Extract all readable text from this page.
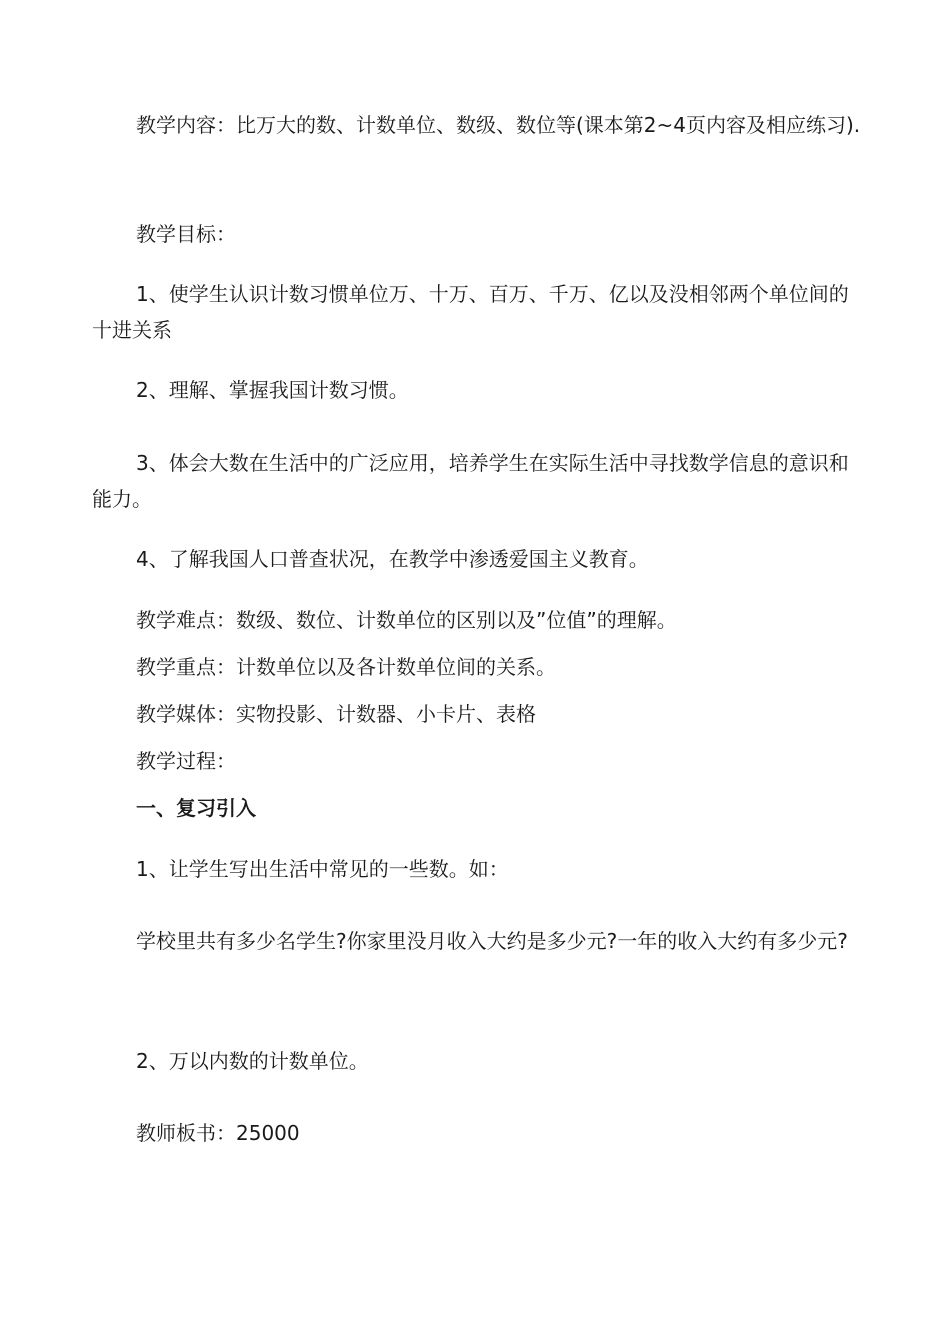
教学内容：比万大的数、计数单位、数级、数位等(课本第2~4页内容及相应练习).

教学目标：

1、使学生认识计数习惯单位万、十万、百万、千万、亿以及没相邻两个单位间的十进关系

2、理解、掌握我国计数习惯。

3、体会大数在生活中的广泛应用，培养学生在实际生活中寻找数学信息的意识和能力。

4、了解我国人口普查状况，在教学中渗透爱国主义教育。

教学难点：数级、数位、计数单位的区别以及”位值”的理解。

教学重点：计数单位以及各计数单位间的关系。

教学媒体：实物投影、计数器、小卡片、表格

教学过程：

一、复习引入

1、让学生写出生活中常见的一些数。如：

学校里共有多少名学生?你家里没月收入大约是多少元?一年的收入大约有多少元?

2、万以内数的计数单位。

教师板书：25000
